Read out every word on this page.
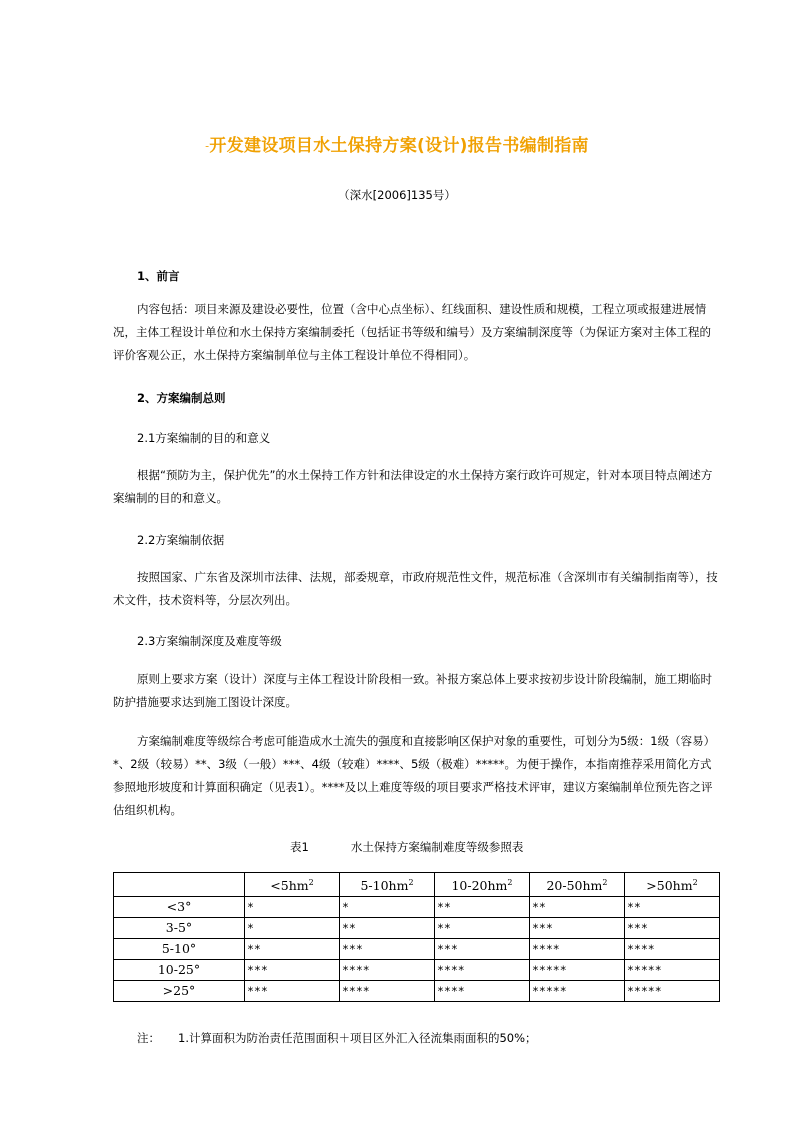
-开发建设项目水土保持方案(设计)报告书编制指南
（深水[2006]135号）
1、前言
内容包括：项目来源及建设必要性，位置（含中心点坐标）、红线面积、建设性质和规模，工程立项或报建进展情况，主体工程设计单位和水土保持方案编制委托（包括证书等级和编号）及方案编制深度等（为保证方案对主体工程的评价客观公正，水土保持方案编制单位与主体工程设计单位不得相同）。
2、方案编制总则
2.1方案编制的目的和意义
根据“预防为主，保护优先”的水土保持工作方针和法律设定的水土保持方案行政许可规定，针对本项目特点阐述方案编制的目的和意义。
2.2方案编制依据
按照国家、广东省及深圳市法律、法规，部委规章，市政府规范性文件，规范标准（含深圳市有关编制指南等），技术文件，技术资料等，分层次列出。
2.3方案编制深度及难度等级
原则上要求方案（设计）深度与主体工程设计阶段相一致。补报方案总体上要求按初步设计阶段编制，施工期临时防护措施要求达到施工图设计深度。
方案编制难度等级综合考虑可能造成水土流失的强度和直接影响区保护对象的重要性，可划分为5级：1级（容易）*、2级（较易）**、3级（一般）***、4级（较难）****、5级（极难）*****。为便于操作，本指南推荐采用简化方式参照地形坡度和计算面积确定（见表1）。****及以上难度等级的项目要求严格技术评审，建议方案编制单位预先咨之评估组织机构。
表1	水土保持方案编制难度等级参照表
	$<5hm^2$	$5-10hm^2$	$10-20hm^2$	$20-50hm^2$	$>50hm^2$
<3°	*	*	**	**	**
3-5°	*	**	**	***	***
5-10°	**	***	***	****	****
10-25°	***	****	****	*****	*****
>25°	***	****	****	*****	*****
注： 1.计算面积为防治责任范围面积＋项目区外汇入径流集雨面积的50%；
